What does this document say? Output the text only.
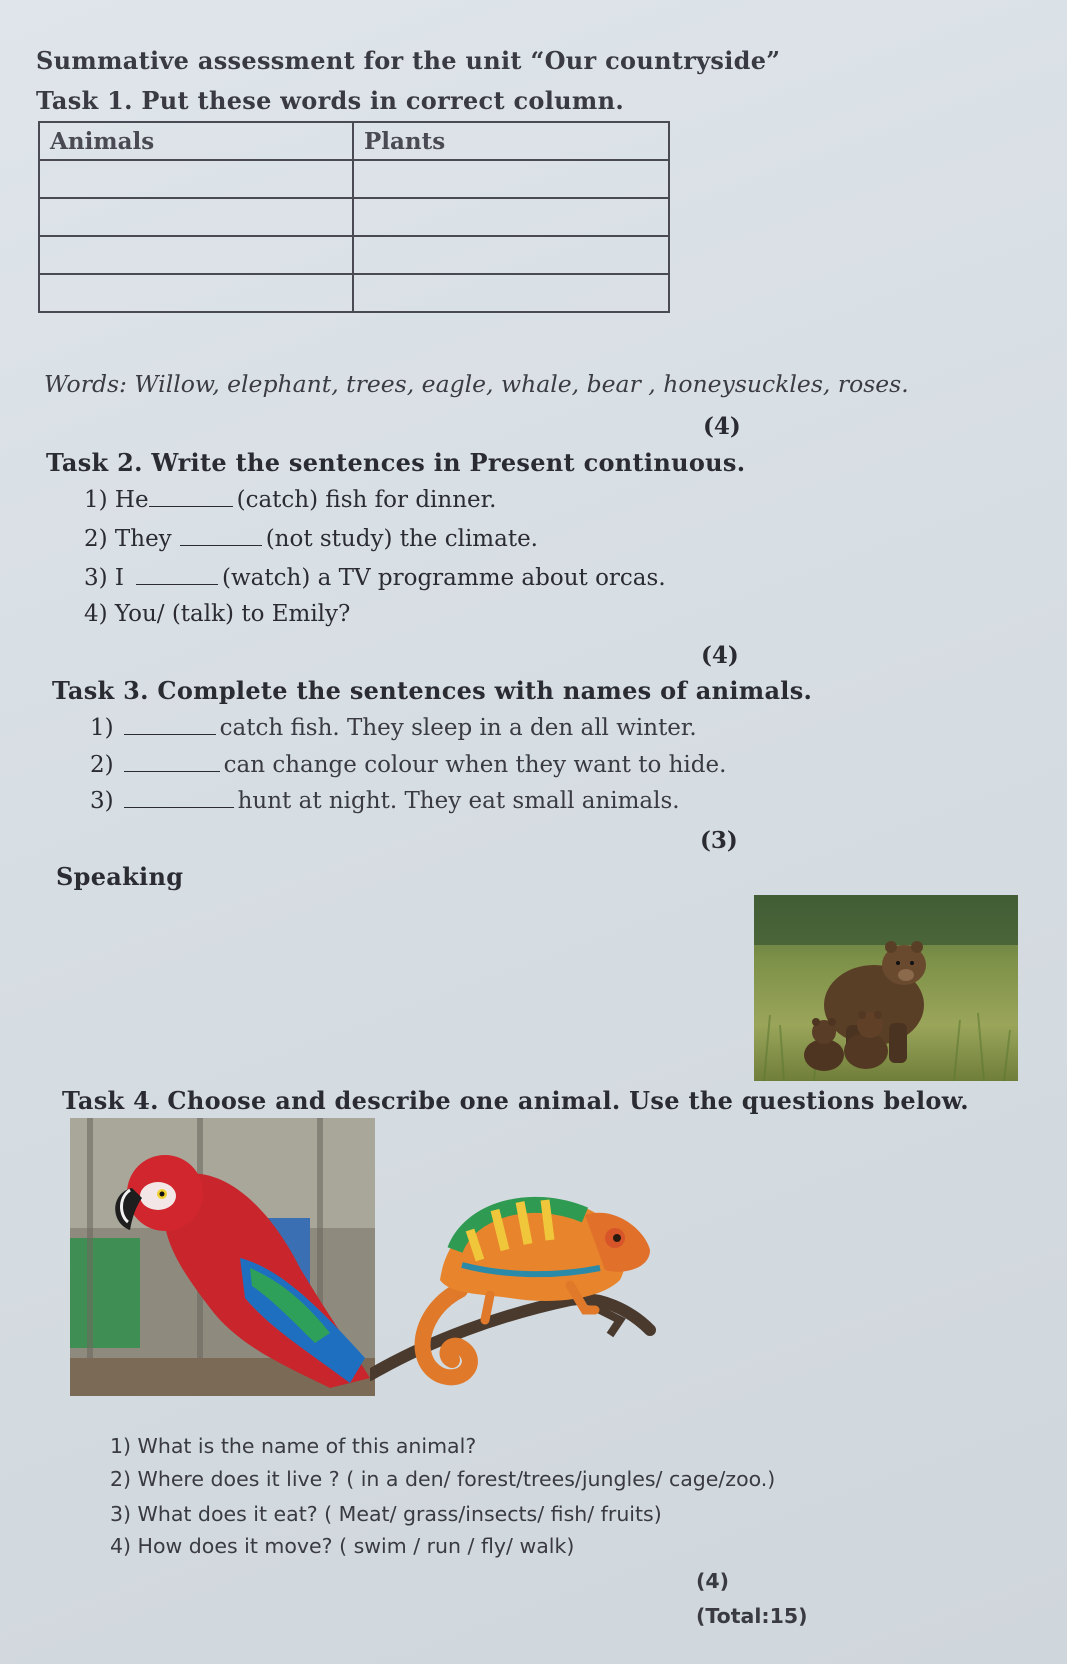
Summative assessment for the unit “Our countryside”
Task 1. Put these words in correct column.
Animals	Plants

Words: Willow, elephant, trees, eagle, whale, bear , honeysuckles, roses.
(4)
Task 2. Write the sentences in Present continuous.
1) He	(catch) fish for dinner.
2) They	(not study) the climate.
3) I	(watch) a TV programme about orcas.
4) You/ (talk) to Emily?
(4)
Task 3. Complete the sentences with names of animals.
1)	catch fish. They sleep in a den all winter.
2)	can change colour when they want to hide.
3)	hunt at night. They eat small animals.
(3)
Speaking
Task 4. Choose and describe one animal. Use the questions below.
1) What is the name of this animal?
2) Where does it live ? ( in a den/ forest/trees/jungles/ cage/zoo.)
3) What does it eat? ( Meat/ grass/insects/ fish/ fruits)
4) How does it move? ( swim / run / fly/ walk)
(4)
(Total:15)
